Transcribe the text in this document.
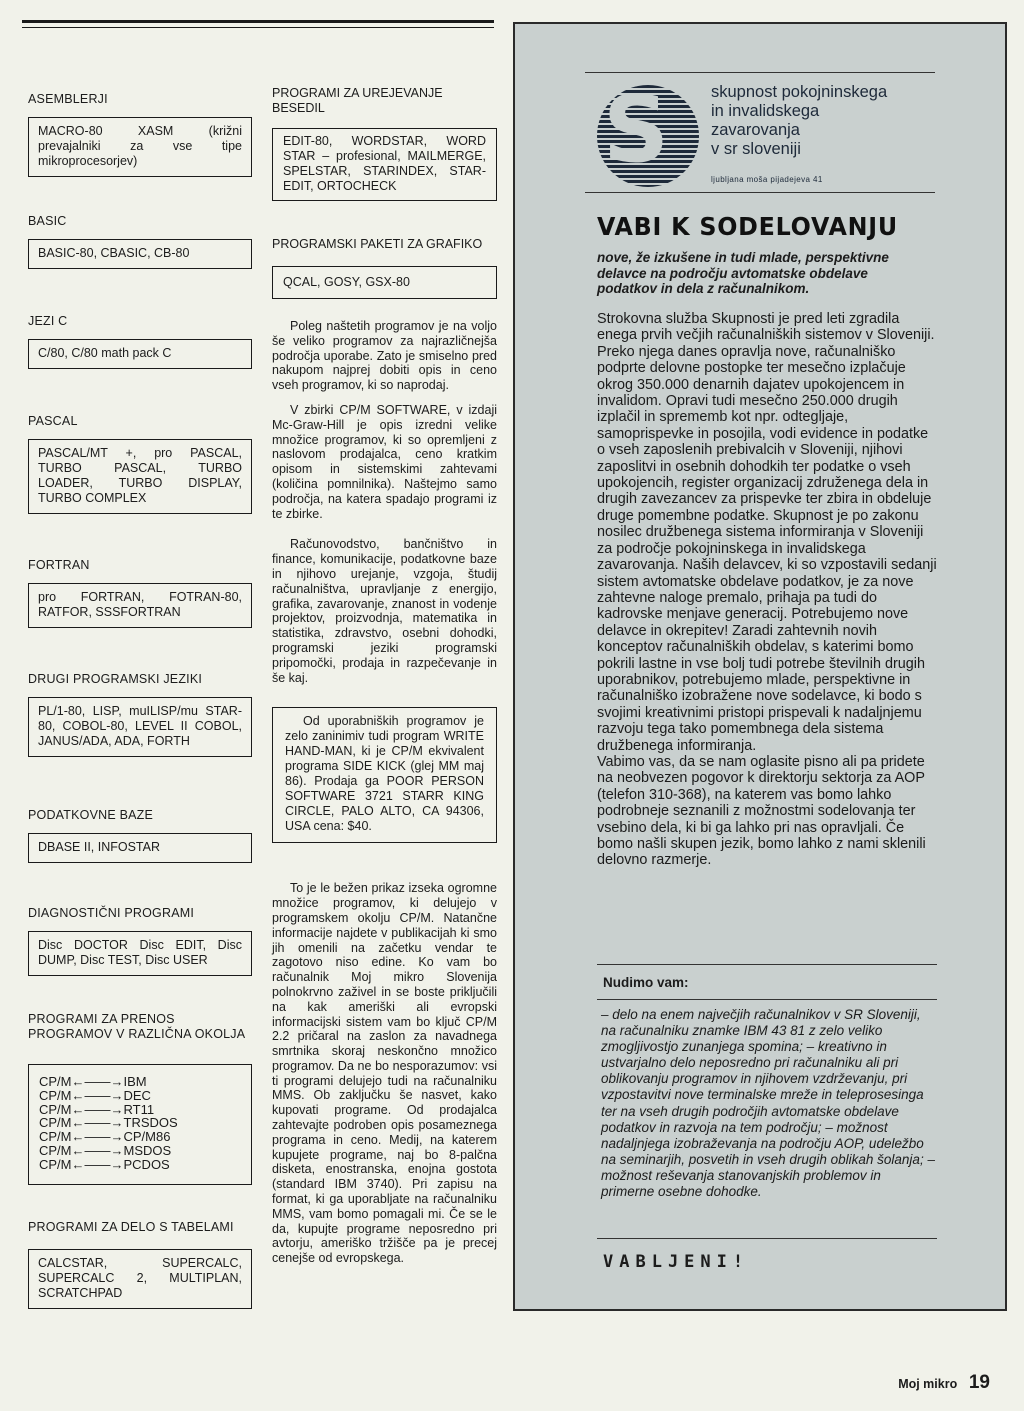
ASEMBLERJI
MACRO-80 XASM (križni prevajalniki za vse tipe mikroprocesorjev)
BASIC
BASIC-80, CBASIC, CB-80
JEZI C
C/80, C/80 math pack C
PASCAL
PASCAL/MT +, pro PASCAL, TURBO PASCAL, TURBO LOADER, TURBO DISPLAY, TURBO COMPLEX
FORTRAN
pro FORTRAN, FOTRAN-80, RATFOR, SSSFORTRAN
DRUGI PROGRAMSKI JEZIKI
PL/1-80, LISP, muILISP/mu STAR-80, COBOL-80, LEVEL II COBOL, JANUS/ADA, ADA, FORTH
PODATKOVNE BAZE
DBASE II, INFOSTAR
DIAGNOSTIČNI PROGRAMI
Disc DOCTOR Disc EDIT, Disc DUMP, Disc TEST, Disc USER
PROGRAMI ZA PRENOS PROGRAMOV V RAZLIČNA OKOLJA
CP/M←——→IBM
CP/M←——→DEC
CP/M←——→RT11
CP/M←——→TRSDOS
CP/M←——→CP/M86
CP/M←——→MSDOS
CP/M←——→PCDOS
PROGRAMI ZA DELO S TABELAMI
CALCSTAR, SUPERCALC, SUPERCALC 2, MULTIPLAN, SCRATCHPAD
PROGRAMI ZA UREJEVANJE BESEDIL
EDIT-80, WORDSTAR, WORD STAR – profesional, MAILMERGE, SPELSTAR, STARINDEX, STAR-EDIT, ORTOCHECK
PROGRAMSKI PAKETI ZA GRAFIKO
QCAL, GOSY, GSX-80
Poleg naštetih programov je na voljo še veliko programov za najrazličnejša področja uporabe. Zato je smiselno pred nakupom najprej dobiti opis in ceno vseh programov, ki so naprodaj.
V zbirki CP/M SOFTWARE, v izdaji Mc-Graw-Hill je opis izredni velike množice programov, ki so opremljeni z naslovom prodajalca, ceno kratkim opisom in sistemskimi zahtevami (količina pomnilnika). Naštejmo samo področja, na katera spadajo programi iz te zbirke.
Računovodstvo, bančništvo in finance, komunikacije, podatkovne baze in njihovo urejanje, vzgoja, študij računalništva, upravljanje z energijo, grafika, zavarovanje, znanost in vodenje projektov, proizvodnja, matematika in statistika, zdravstvo, osebni dohodki, programski jeziki programski pripomočki, prodaja in razpečevanje in še kaj.
Od uporabniških programov je zelo zaninimiv tudi program WRITE HAND-MAN, ki je CP/M ekvivalent programa SIDE KICK (glej MM maj 86). Prodaja ga POOR PERSON SOFTWARE 3721 STARR KING CIRCLE, PALO ALTO, CA 94306, USA cena: $40.
To je le bežen prikaz izseka ogromne množice programov, ki delujejo v programskem okolju CP/M. Natančne informacije najdete v publikacijah ki smo jih omenili na začetku vendar te zagotovo niso edine. Ko vam bo računalnik Moj mikro Slovenija polnokrvno zaživel in se boste priključili na kak ameriški ali evropski informacijski sistem vam bo ključ CP/M 2.2 pričaral na zaslon za navadnega smrtnika skoraj neskončno množico programov. Da ne bo nesporazumov: vsi ti programi delujejo tudi na računalniku MMS. Ob zaključku še nasvet, kako kupovati programe. Od prodajalca zahtevajte podroben opis posameznega programa in ceno. Medij, na katerem kupujete programe, naj bo 8-palčna disketa, enostranska, enojna gostota (standard IBM 3740). Pri zapisu na format, ki ga uporabljate na računalniku MMS, vam bomo pomagali mi. Če se le da, kupujte programe neposredno pri avtorju, ameriško tržišče pa je precej cenejše od evropskega.
S	skupnost pokojninskega
in invalidskega
zavarovanja
v sr sloveniji
ljubljana moša pijadejeva 41
VABI K SODELOVANJU
nove, že izkušene in tudi mlade, perspektivne delavce na področju avtomatske obdelave podatkov in dela z računalnikom.

Strokovna služba Skupnosti je pred leti zgradila enega prvih večjih računalniških sistemov v Sloveniji. Preko njega danes opravlja nove, računalniško podprte delovne postopke ter mesečno izplačuje okrog 350.000 denarnih dajatev upokojencem in invalidom. Opravi tudi mesečno 250.000 drugih izplačil in sprememb kot npr. odtegljaje, samoprispevke in posojila, vodi evidence in podatke o vseh zaposlenih prebivalcih v Sloveniji, njihovi zaposlitvi in osebnih dohodkih ter podatke o vseh upokojencih, register organizacij združenega dela in drugih zavezancev za prispevke ter zbira in obdeluje druge pomembne podatke. Skupnost je po zakonu nosilec družbenega sistema informiranja v Sloveniji za področje pokojninskega in invalidskega zavarovanja. Naših delavcev, ki so vzpostavili sedanji sistem avtomatske obdelave podatkov, je za nove zahtevne naloge premalo, prihaja pa tudi do kadrovske menjave generacij. Potrebujemo nove delavce in okrepitev! Zaradi zahtevnih novih konceptov računalniških obdelav, s katerimi bomo pokrili lastne in vse bolj tudi potrebe številnih drugih uporabnikov, potrebujemo mlade, perspektivne in računalniško izobražene nove sodelavce, ki bodo s svojimi kreativnimi pristopi prispevali k nadaljnjemu razvoju tega tako pomembnega dela sistema družbenega informiranja.

Vabimo vas, da se nam oglasite pisno ali pa pridete na neobvezen pogovor k direktorju sektorja za AOP (telefon 310-368), na katerem vas bomo lahko podrobneje seznanili z možnostmi sodelovanja ter vsebino dela, ki bi ga lahko pri nas opravljali. Če bomo našli skupen jezik, bomo lahko z nami sklenili delovno razmerje.

Nudimo vam:
– delo na enem največjih računalnikov v SR Sloveniji, na računalniku znamke IBM 43 81 z zelo veliko zmogljivostjo zunanjega spomina; – kreativno in ustvarjalno delo neposredno pri računalniku ali pri oblikovanju programov in njihovem vzdrževanju, pri vzpostavitvi nove terminalske mreže in teleprosesinga ter na vseh drugih področjih avtomatske obdelave podatkov in razvoja na tem področju; – možnost nadaljnjega izobraževanja na področju AOP, udeležbo na seminarjih, posvetih in vseh drugih oblikah šolanja; – možnost reševanja stanovanjskih problemov in primerne osebne dohodke.
VABLJENI!
Moj mikro 19
